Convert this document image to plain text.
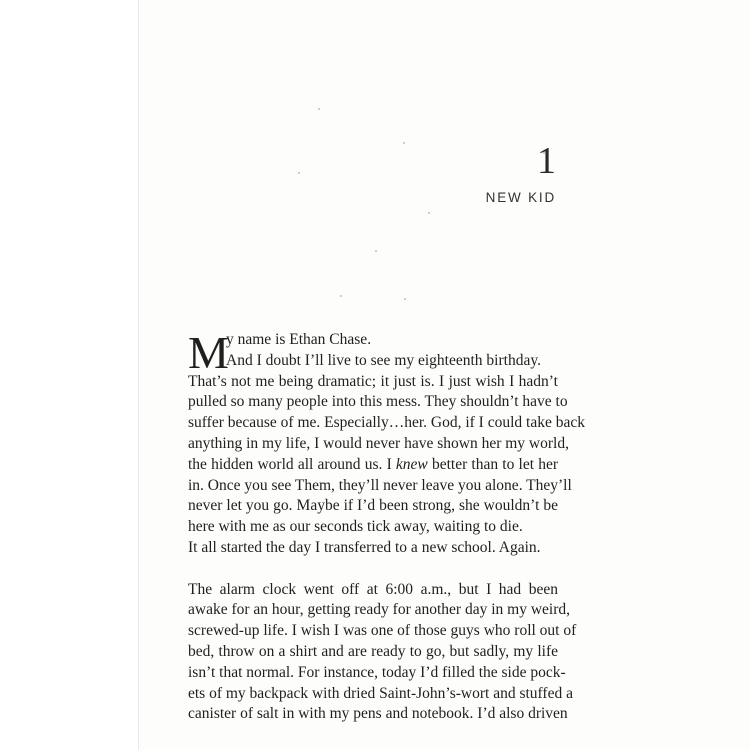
1
NEW KID
M
y name is Ethan Chase.
And I doubt I’ll live to see my eighteenth birthday.
That’s not me being dramatic; it just is. I just wish I hadn’t
pulled so many people into this mess. They shouldn’t have to
suffer because of me. Especially…her. God, if I could take back
anything in my life, I would never have shown her my world,
the hidden world all around us. I knew better than to let her
in. Once you see Them, they’ll never leave you alone. They’ll
never let you go. Maybe if I’d been strong, she wouldn’t be
here with me as our seconds tick away, waiting to die.
It all started the day I transferred to a new school. Again.
The alarm clock went off at 6:00 a.m., but I had been
awake for an hour, getting ready for another day in my weird,
screwed-up life. I wish I was one of those guys who roll out of
bed, throw on a shirt and are ready to go, but sadly, my life
isn’t that normal. For instance, today I’d filled the side pock-
ets of my backpack with dried Saint-John’s-wort and stuffed a
canister of salt in with my pens and notebook. I’d also driven
